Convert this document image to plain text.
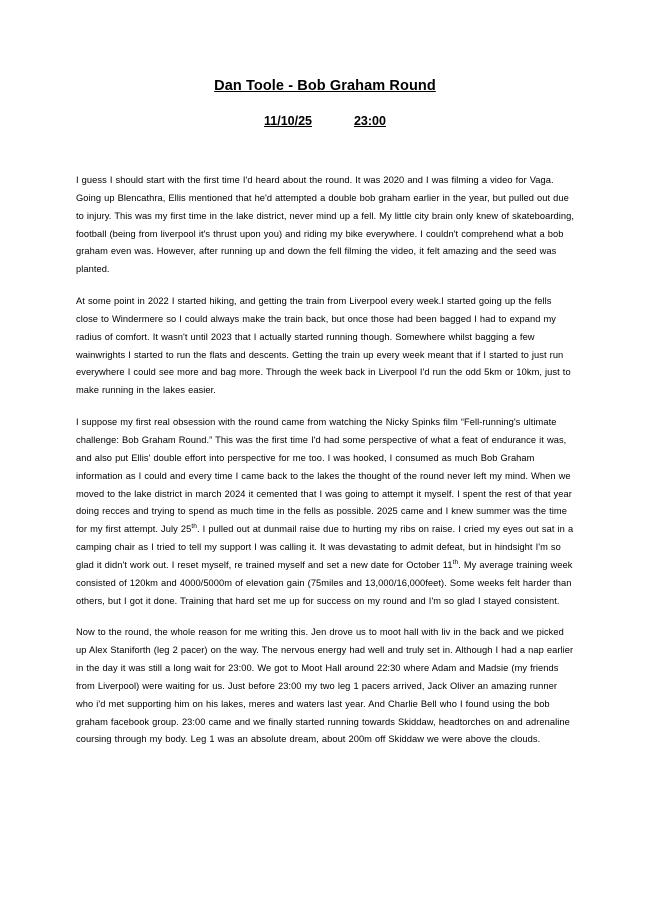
Dan Toole - Bob Graham Round
11/10/25	23:00

I guess I should start with the first time I'd heard about the round. It was 2020 and I was filming a video for Vaga. Going up Blencathra, Ellis mentioned that he'd attempted a double bob graham earlier in the year, but pulled out due to injury. This was my first time in the lake district, never mind up a fell. My little city brain only knew of skateboarding, football (being from liverpool it's thrust upon you) and riding my bike everywhere. I couldn't comprehend what a bob graham even was. However, after running up and down the fell filming the video, it felt amazing and the seed was planted.

At some point in 2022 I started hiking, and getting the train from Liverpool every week.I started going up the fells close to Windermere so I could always make the train back, but once those had been bagged I had to expand my radius of comfort. It wasn't until 2023 that I actually started running though. Somewhere whilst bagging a few wainwrights I started to run the flats and descents. Getting the train up every week meant that if I started to just run everywhere I could see more and bag more. Through the week back in Liverpool I'd run the odd 5km or 10km, just to make running in the lakes easier.

I suppose my first real obsession with the round came from watching the Nicky Spinks film “Fell-running's ultimate challenge: Bob Graham Round.” This was the first time I'd had some perspective of what a feat of endurance it was, and also put Ellis' double effort into perspective for me too. I was hooked, I consumed as much Bob Graham information as I could and every time I came back to the lakes the thought of the round never left my mind. When we moved to the lake district in march 2024 it cemented that I was going to attempt it myself. I spent the rest of that year doing recces and trying to spend as much time in the fells as possible. 2025 came and I knew summer was the time for my first attempt. July 25th. I pulled out at dunmail raise due to hurting my ribs on raise. I cried my eyes out sat in a camping chair as I tried to tell my support I was calling it. It was devastating to admit defeat, but in hindsight I'm so glad it didn't work out. I reset myself, re trained myself and set a new date for October 11th. My average training week consisted of 120km and 4000/5000m of elevation gain (75miles and 13,000/16,000feet). Some weeks felt harder than others, but I got it done. Training that hard set me up for success on my round and I'm so glad I stayed consistent.

Now to the round, the whole reason for me writing this. Jen drove us to moot hall with liv in the back and we picked up Alex Staniforth (leg 2 pacer) on the way. The nervous energy had well and truly set in. Although I had a nap earlier in the day it was still a long wait for 23:00. We got to Moot Hall around 22:30 where Adam and Madsie (my friends from Liverpool) were waiting for us. Just before 23:00 my two leg 1 pacers arrived, Jack Oliver an amazing runner who i'd met supporting him on his lakes, meres and waters last year. And Charlie Bell who I found using the bob graham facebook group. 23:00 came and we finally started running towards Skiddaw, headtorches on and adrenaline coursing through my body. Leg 1 was an absolute dream, about 200m off Skiddaw we were above the clouds.
